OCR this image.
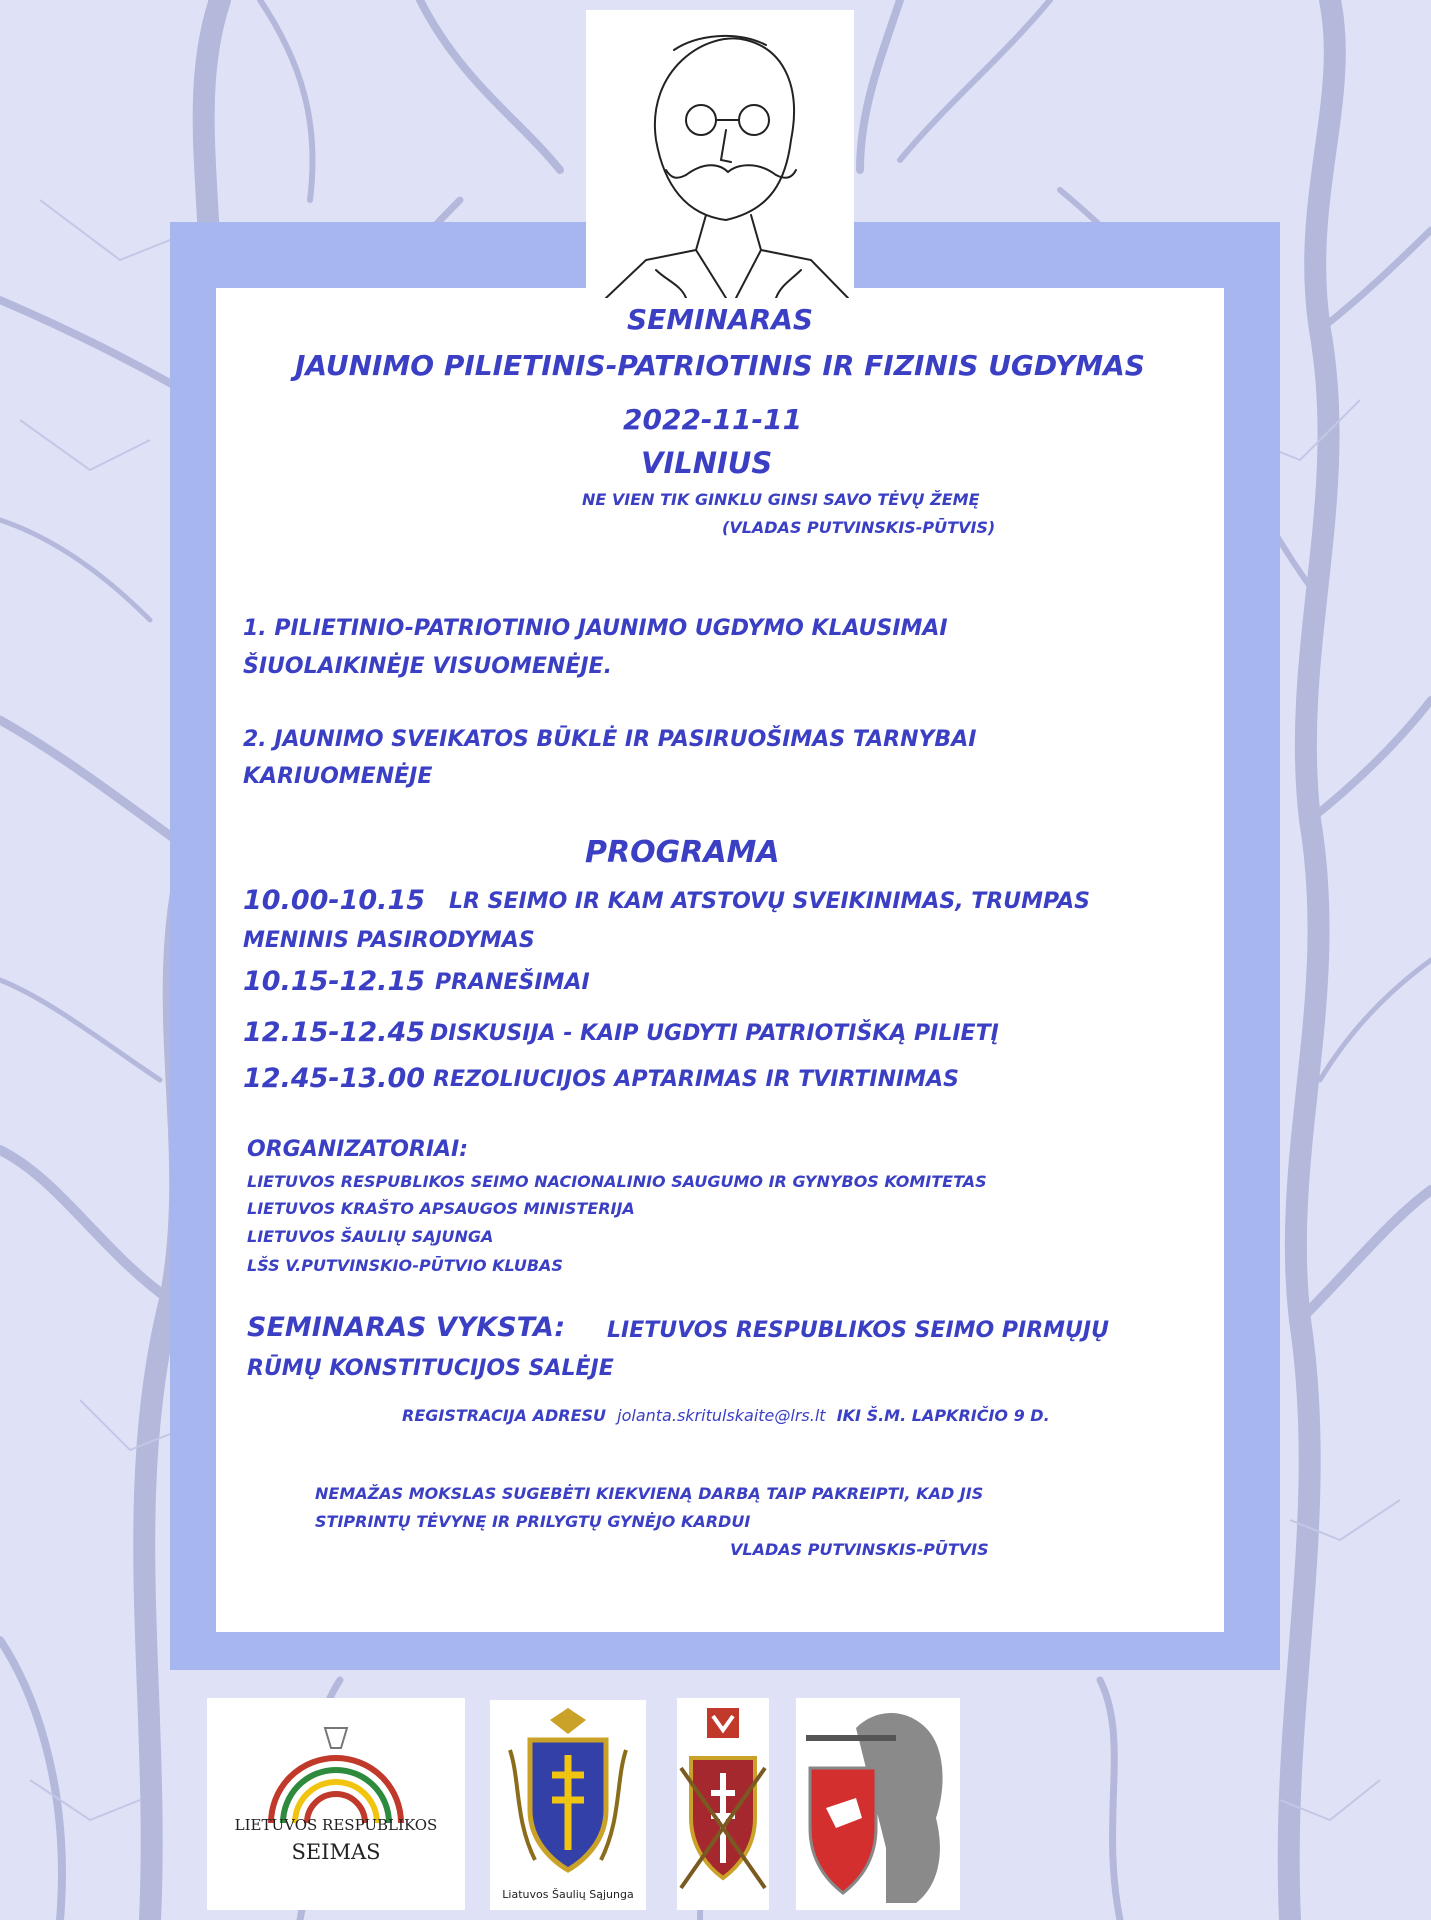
SEMINARAS
JAUNIMO PILIETINIS-PATRIOTINIS IR FIZINIS UGDYMAS
2022-11-11
VILNIUS
NE VIEN TIK GINKLU GINSI SAVO TĖVŲ ŽEMĘ
(VLADAS PUTVINSKIS-PŪTVIS)
1. PILIETINIO-PATRIOTINIO JAUNIMO UGDYMO KLAUSIMAI
ŠIUOLAIKINĖJE VISUOMENĖJE.
2. JAUNIMO SVEIKATOS BŪKLĖ IR PASIRUOŠIMAS TARNYBAI
KARIUOMENĖJE
PROGRAMA
10.00-10.15 LR SEIMO IR KAM ATSTOVŲ SVEIKINIMAS, TRUMPAS
MENINIS PASIRODYMAS
10.15-12.15 PRANEŠIMAI
12.15-12.45 DISKUSIJA - KAIP UGDYTI PATRIOTIŠKĄ PILIETĮ
12.45-13.00 REZOLIUCIJOS APTARIMAS IR TVIRTINIMAS
ORGANIZATORIAI:
LIETUVOS RESPUBLIKOS SEIMO NACIONALINIO SAUGUMO IR GYNYBOS KOMITETAS
LIETUVOS KRAŠTO APSAUGOS MINISTERIJA
LIETUVOS ŠAULIŲ SĄJUNGA
LŠS V.PUTVINSKIO-PŪTVIO KLUBAS
SEMINARAS VYKSTA: LIETUVOS RESPUBLIKOS SEIMO PIRMŲJŲ
RŪMŲ KONSTITUCIJOS SALĖJE
REGISTRACIJA ADRESU jolanta.skritulskaite@lrs.lt IKI Š.M. LAPKRIČIO 9 D.
NEMAŽAS MOKSLAS SUGEBĖTI KIEKVIENĄ DARBĄ TAIP PAKREIPTI, KAD JIS
STIPRINTŲ TĖVYNĘ IR PRILYGTŲ GYNĖJO KARDUI
VLADAS PUTVINSKIS-PŪTVIS
LIETUVOS RESPUBLIKOS
SEIMAS
Liatuvos Šaulių Sąjunga
